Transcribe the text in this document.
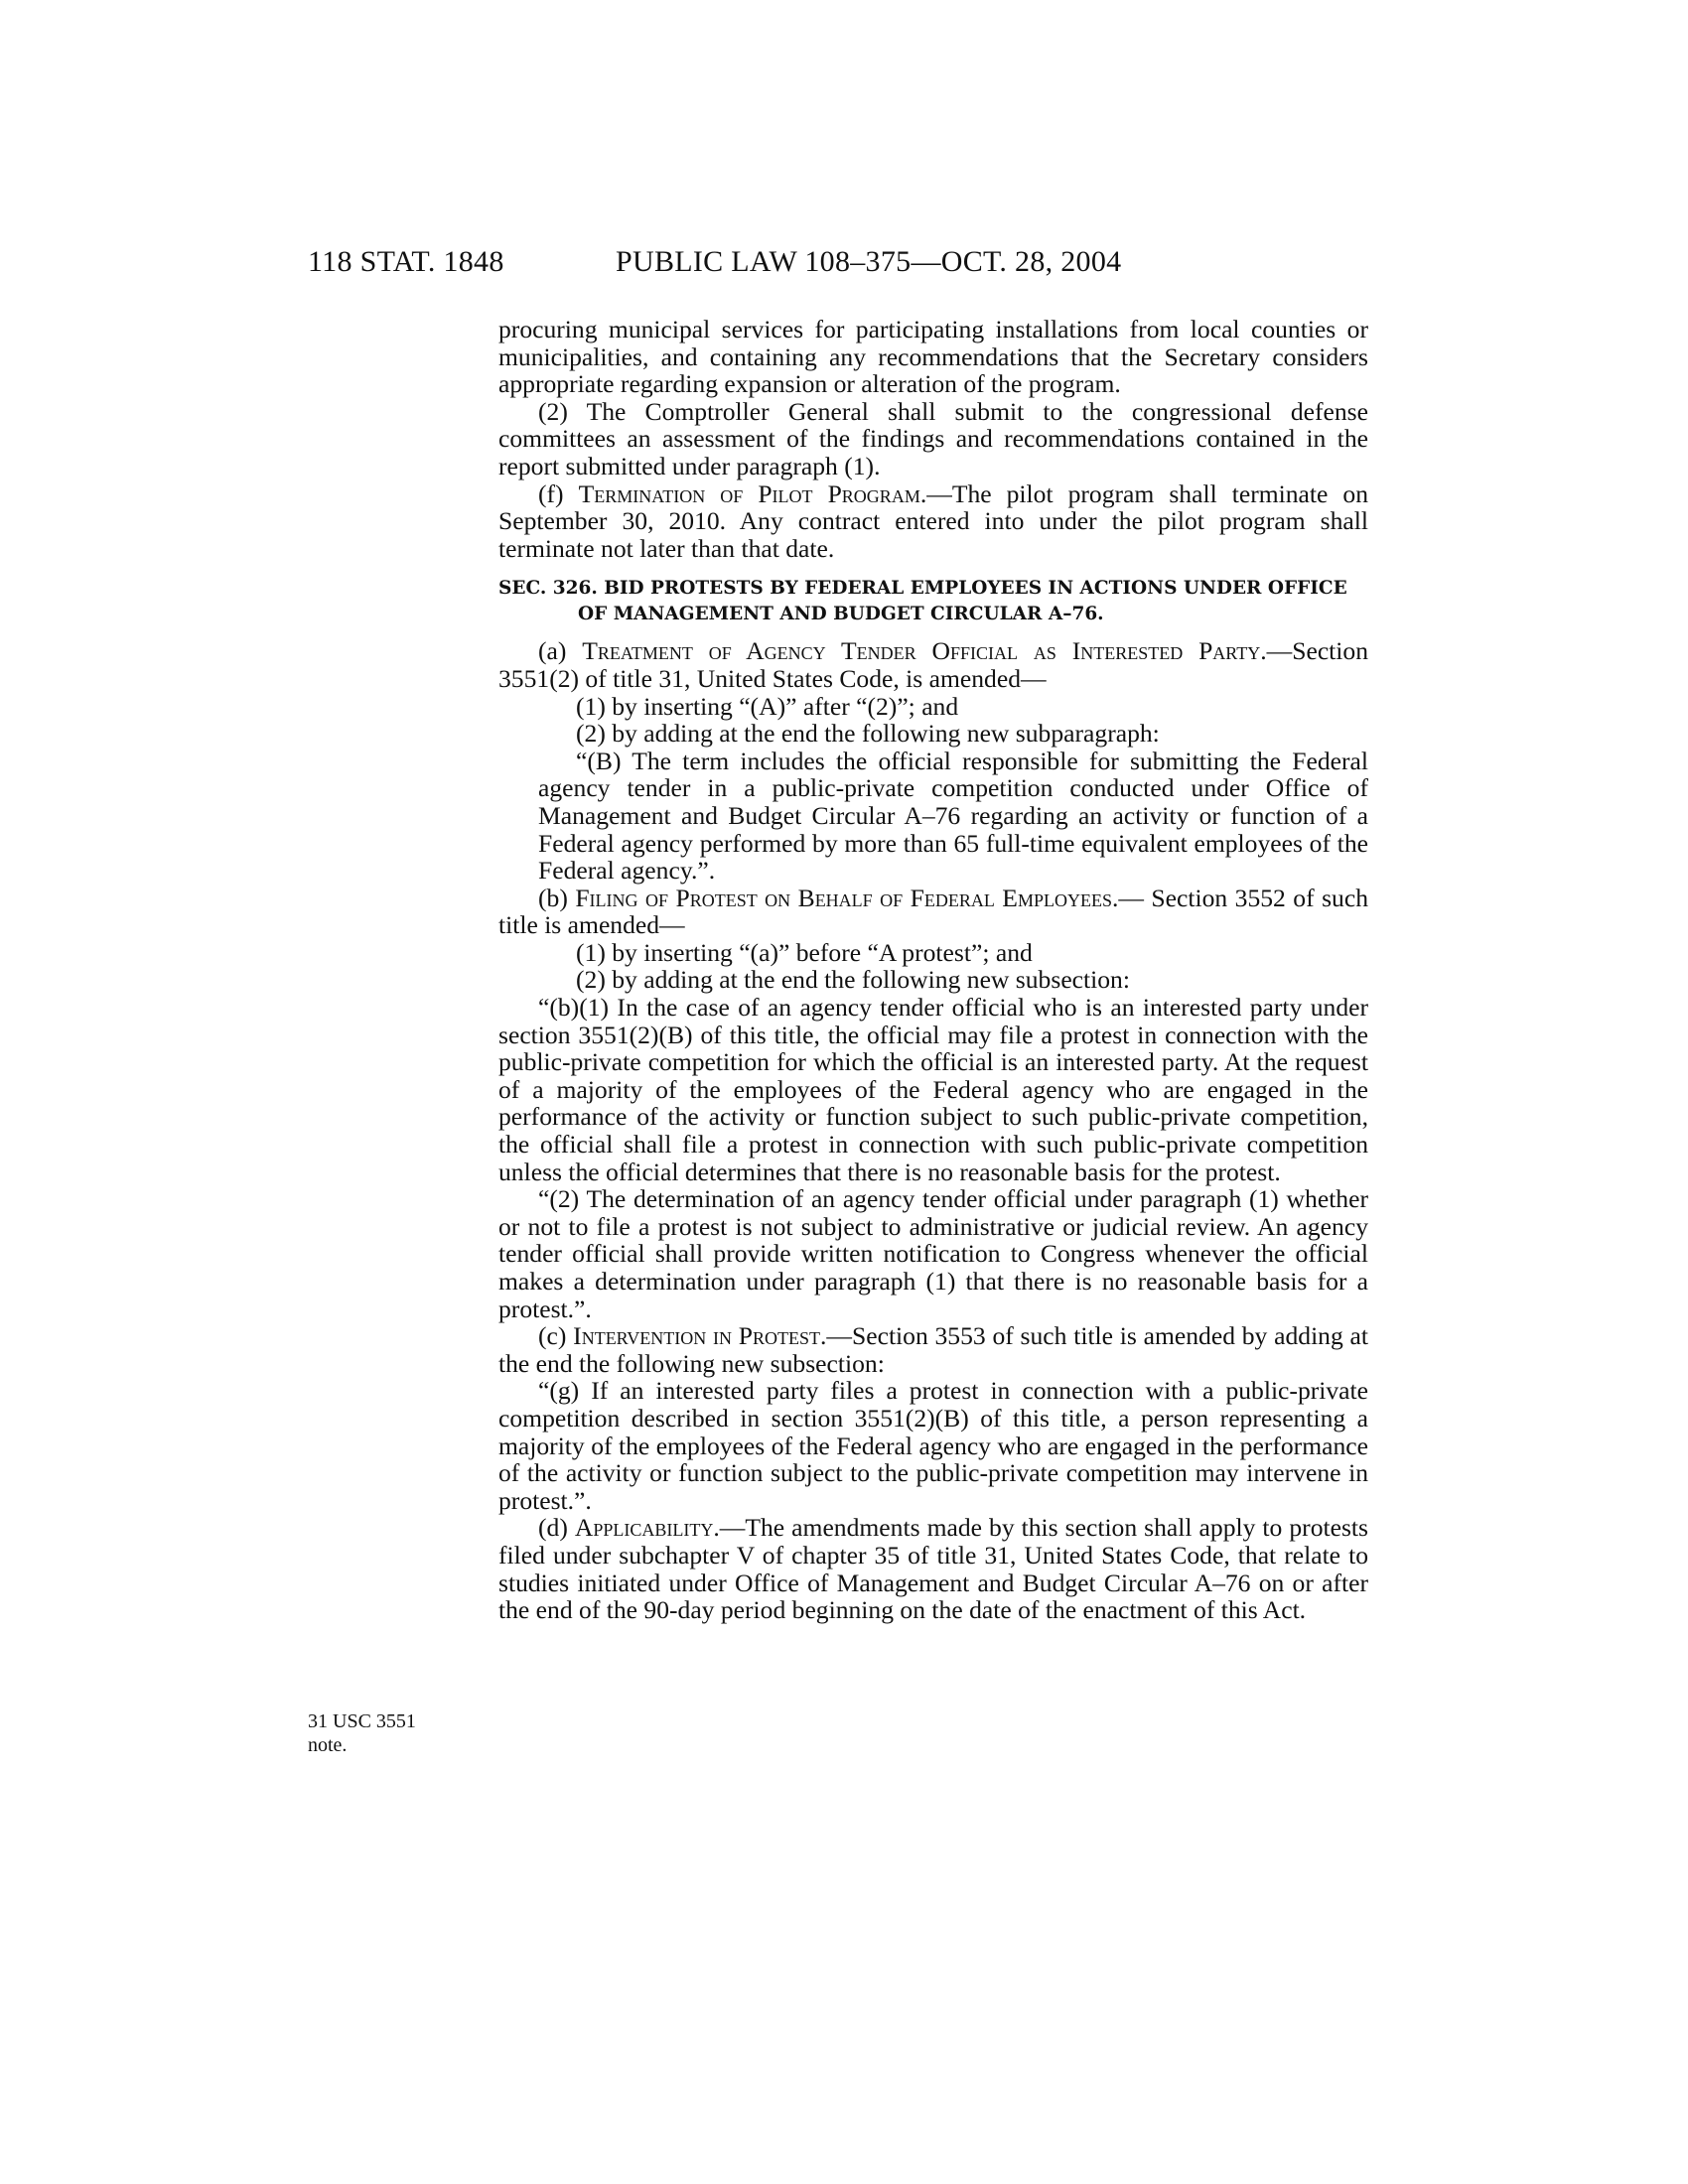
118 STAT. 1848	PUBLIC LAW 108–375—OCT. 28, 2004
31 USC 3551
note.

procuring municipal services for participating installations from local counties or municipalities, and containing any recommendations that the Secretary considers appropriate regarding expansion or alteration of the program.

(2) The Comptroller General shall submit to the congressional defense committees an assessment of the findings and recommendations contained in the report submitted under paragraph (1).

(f) Termination of Pilot Program.—The pilot program shall terminate on September 30, 2010. Any contract entered into under the pilot program shall terminate not later than that date.

SEC. 326. BID PROTESTS BY FEDERAL EMPLOYEES IN ACTIONS UNDER OFFICE OF MANAGEMENT AND BUDGET CIRCULAR A–76.

(a) Treatment of Agency Tender Official as Interested Party.—Section 3551(2) of title 31, United States Code, is amended—

(1) by inserting “(A)” after “(2)”; and

(2) by adding at the end the following new subparagraph:

“(B) The term includes the official responsible for submitting the Federal agency tender in a public-private competition conducted under Office of Management and Budget Circular A–76 regarding an activity or function of a Federal agency performed by more than 65 full-time equivalent employees of the Federal agency.”.

(b) Filing of Protest on Behalf of Federal Employees.— Section 3552 of such title is amended—

(1) by inserting “(a)” before “A protest”; and

(2) by adding at the end the following new subsection:

“(b)(1) In the case of an agency tender official who is an interested party under section 3551(2)(B) of this title, the official may file a protest in connection with the public-private competition for which the official is an interested party. At the request of a majority of the employees of the Federal agency who are engaged in the performance of the activity or function subject to such public-private competition, the official shall file a protest in connection with such public-private competition unless the official determines that there is no reasonable basis for the protest.

“(2) The determination of an agency tender official under paragraph (1) whether or not to file a protest is not subject to administrative or judicial review. An agency tender official shall provide written notification to Congress whenever the official makes a determination under paragraph (1) that there is no reasonable basis for a protest.”.

(c) Intervention in Protest.—Section 3553 of such title is amended by adding at the end the following new subsection:

“(g) If an interested party files a protest in connection with a public-private competition described in section 3551(2)(B) of this title, a person representing a majority of the employees of the Federal agency who are engaged in the performance of the activity or function subject to the public-private competition may intervene in protest.”.

(d) Applicability.—The amendments made by this section shall apply to protests filed under subchapter V of chapter 35 of title 31, United States Code, that relate to studies initiated under Office of Management and Budget Circular A–76 on or after the end of the 90-day period beginning on the date of the enactment of this Act.
